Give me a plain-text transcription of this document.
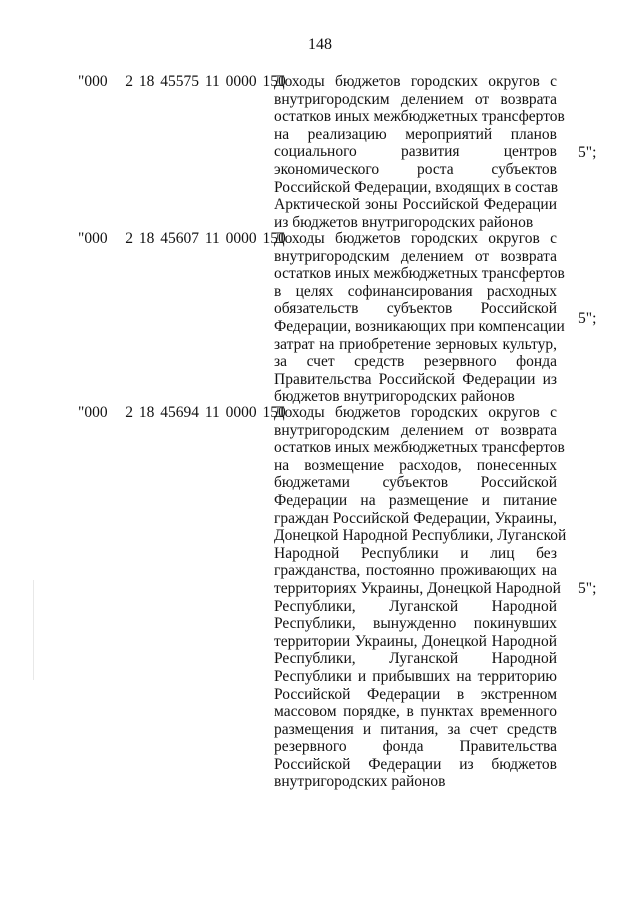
148
"000   2 18 45575 11 0000 150
Доходы бюджетов городских округов с
внутригородским делением от возврата
остатков иных межбюджетных трансфертов
на реализацию мероприятий планов
социального развития центров
экономического роста субъектов
Российской Федерации, входящих в состав
Арктической зоны Российской Федерации
из бюджетов внутригородских районов
5";
"000   2 18 45607 11 0000 150
Доходы бюджетов городских округов с
внутригородским делением от возврата
остатков иных межбюджетных трансфертов
в целях софинансирования расходных
обязательств субъектов Российской
Федерации, возникающих при компенсации
затрат на приобретение зерновых культур,
за счет средств резервного фонда
Правительства Российской Федерации из
бюджетов внутригородских районов
5";
"000   2 18 45694 11 0000 150
Доходы бюджетов городских округов с
внутригородским делением от возврата
остатков иных межбюджетных трансфертов
на возмещение расходов, понесенных
бюджетами субъектов Российской
Федерации на размещение и питание
граждан Российской Федерации, Украины,
Донецкой Народной Республики, Луганской
Народной Республики и лиц без
гражданства, постоянно проживающих на
территориях Украины, Донецкой Народной
Республики, Луганской Народной
Республики, вынужденно покинувших
территории Украины, Донецкой Народной
Республики, Луганской Народной
Республики и прибывших на территорию
Российской Федерации в экстренном
массовом порядке, в пунктах временного
размещения и питания, за счет средств
резервного фонда Правительства
Российской Федерации из бюджетов
внутригородских районов
5";
